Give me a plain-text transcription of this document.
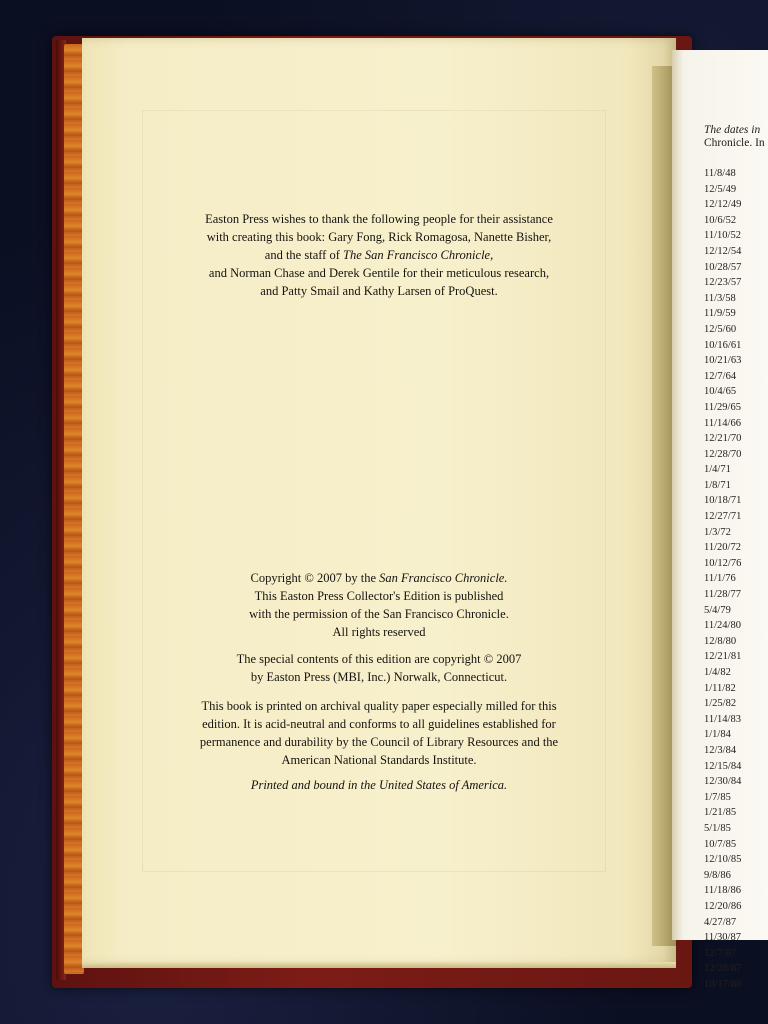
Easton Press wishes to thank the following people for their assistance

with creating this book: Gary Fong, Rick Romagosa, Nanette Bisher,

and the staff of The San Francisco Chronicle,

and Norman Chase and Derek Gentile for their meticulous research,

and Patty Smail and Kathy Larsen of ProQuest.

Copyright © 2007 by the San Francisco Chronicle.

This Easton Press Collector's Edition is published

with the permission of the San Francisco Chronicle.

All rights reserved

The special contents of this edition are copyright © 2007

by Easton Press (MBI, Inc.) Norwalk, Connecticut.

This book is printed on archival quality paper especially milled for this

edition. It is acid-neutral and conforms to all guidelines established for

permanence and durability by the Council of Library Resources and the

American National Standards Institute.

Printed and bound in the United States of America.
The dates in
Chronicle. In
11/8/48
12/5/49
12/12/49
10/6/52
11/10/52
12/12/54
10/28/57
12/23/57
11/3/58
11/9/59
12/5/60
10/16/61
10/21/63
12/7/64
10/4/65
11/29/65
11/14/66
12/21/70
12/28/70
1/4/71
1/8/71
10/18/71
12/27/71
1/3/72
11/20/72
10/12/76
11/1/76
11/28/77
5/4/79
11/24/80
12/8/80
12/21/81
1/4/82
1/11/82
1/25/82
11/14/83
1/1/84
12/3/84
12/15/84
12/30/84
1/7/85
1/21/85
5/1/85
10/7/85
12/10/85
9/8/86
11/18/86
12/20/86
4/27/87
11/30/87
12/7/87
12/28/87
10/17/88
